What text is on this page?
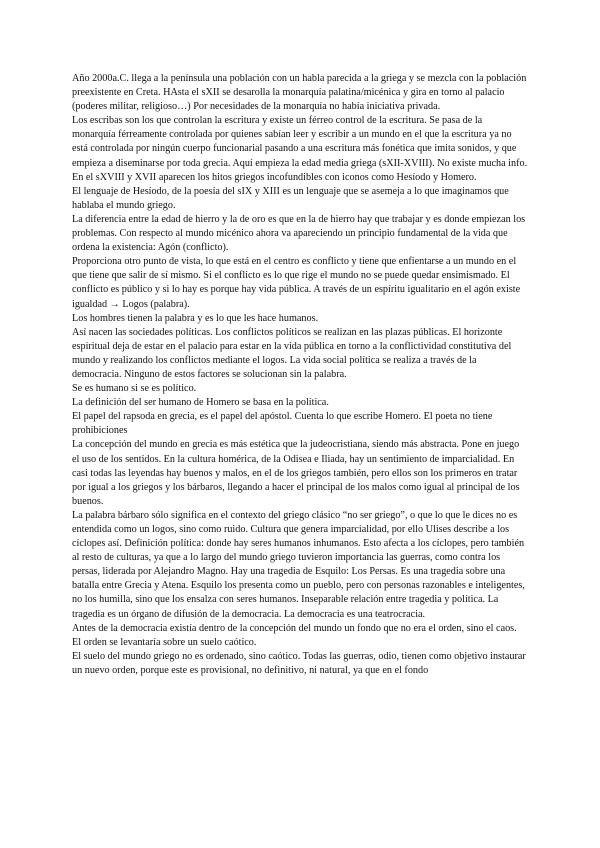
Año 2000a.C. llega a la península una población con un habla parecida a la griega y se mezcla con la población preexistente en Creta. HAsta el sXII se desarolla la monarquía palatina/micénica y gira en torno al palacio (poderes militar, religioso…) Por necesidades de la monarquía no había iniciativa privada.

Los escribas son los que controlan la escritura y existe un férreo control de la escritura. Se pasa de la monarquía férreamente controlada por quienes sabían leer y escribir a un mundo en el que la escritura ya no está controlada por ningún cuerpo funcionarial pasando a una escritura más fonética que imita sonidos, y que empieza a diseminarse por toda grecia. Aquí empieza la edad media griega (sXII-XVIII). No existe mucha info.

En el sXVIII y XVII aparecen los hitos griegos incofundibles con iconos como Hesíodo y Homero.

El lenguaje de Hesíodo, de la poesía del sIX y XIII es un lenguaje que se asemeja a lo que imaginamos que hablaba el mundo griego.

La diferencia entre la edad de hierro y la de oro es que en la de hierro hay que trabajar y es donde empiezan los problemas. Con respecto al mundo micénico ahora va apareciendo un principio fundamental de la vida que ordena la existencia: Agón (conflicto).

Proporciona otro punto de vista, lo que está en el centro es conflicto y tiene que enfientarse a un mundo en el que tiene que salir de sí mismo. Si el conflicto es lo que rige el mundo no se puede quedar ensimismado. El conflicto es público y si lo hay es porque hay vida pública. A través de un espíritu igualitario en el agón existe igualdad → Logos (palabra).

Los hombres tienen la palabra y es lo que les hace humanos.

Así nacen las sociedades políticas. Los conflictos políticos se realizan en las plazas públicas. El horizonte espiritual deja de estar en el palacio para estar en la vida pública en torno a la conflictividad constitutiva del mundo y realizando los conflictos mediante el logos. La vida social política se realiza a través de la democracia. Ninguno de estos factores se solucionan sin la palabra.

Se es humano si se es político.

La definición del ser humano de Homero se basa en la política.

El papel del rapsoda en grecia, es el papel del apóstol. Cuenta lo que escribe Homero. El poeta no tiene prohibiciones

La concepción del mundo en grecia es más estética que la judeocristiana, siendo más abstracta. Pone en juego el uso de los sentidos. En la cultura homérica, de la Odisea e Iliada, hay un sentimiento de imparcialidad. En casi todas las leyendas hay buenos y malos, en el de los griegos también, pero ellos son los primeros en tratar por igual a los griegos y los bárbaros, llegando a hacer el principal de los malos como igual al principal de los buenos.

La palabra bárbaro sólo significa en el contexto del griego clásico “no ser griego”, o que lo que le dices no es entendida como un logos, sino como ruido. Cultura que genera imparcialidad, por ello Ulises describe a los cíclopes así. Definición política: donde hay seres humanos inhumanos. Esto afecta a los cíclopes, pero también al resto de culturas, ya que a lo largo del mundo griego tuvieron importancia las guerras, como contra los persas, liderada por Alejandro Magno. Hay una tragedia de Esquilo: Los Persas. Es una tragedia sobre una batalla entre Grecia y Atena. Esquilo los presenta como un pueblo, pero con personas razonables e inteligentes, no los humilla, sino que los ensalza con seres humanos. Inseparable relación entre tragedia y política. La tragedia es un órgano de difusión de la democracia. La democracia es una teatrocracia.

Antes de la democracia existía dentro de la concepción del mundo un fondo que no era el orden, sino el caos. El orden se levantaría sobre un suelo caótico.

El suelo del mundo griego no es ordenado, sino caótico. Todas las guerras, odio, tienen como objetivo instaurar un nuevo orden, porque este es provisional, no definitivo, ni natural, ya que en el fondo
